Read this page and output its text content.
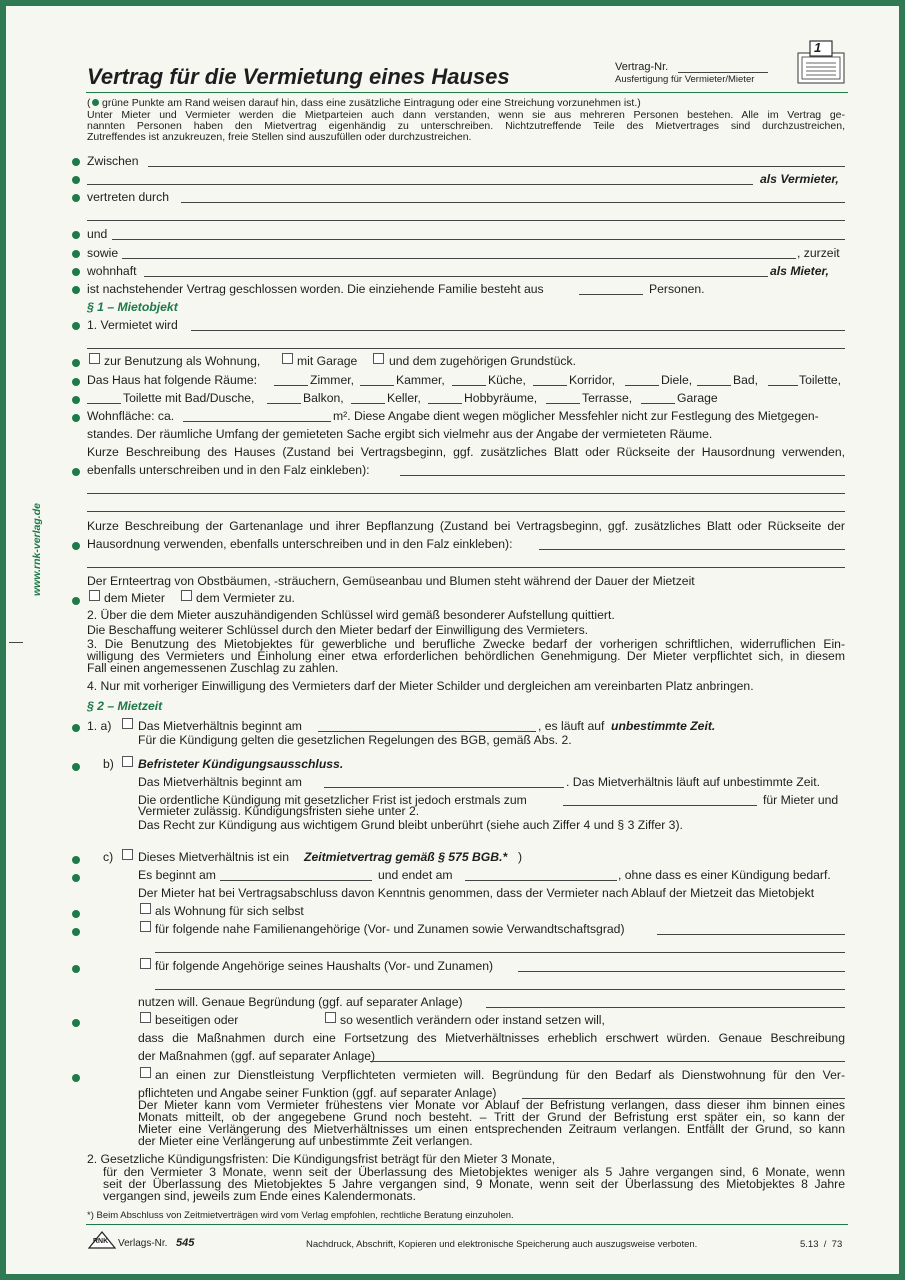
www.rnk-verlag.de
Vertrag für die Vermietung eines Hauses	Vertrag-Nr.
Ausfertigung für Vermieter/Mieter
1
( grüne Punkte am Rand weisen darauf hin, dass eine zusätzliche Eintragung oder eine Streichung vorzunehmen ist.)
Unter Mieter und Vermieter werden die Mietparteien auch dann verstanden, wenn sie aus mehreren Personen bestehen. Alle im Vertrag ge-
nannten Personen haben den Mietvertrag eigenhändig zu unterschreiben. Nichtzutreffende Teile des Mietvertrages sind durchzustreichen,
Zutreffendes ist anzukreuzen, freie Stellen sind auszufüllen oder durchzustreichen.
Zwischen
als Vermieter,
vertreten durch
und
sowie	, zurzeit
wohnhaft	als Mieter,
ist nachstehender Vertrag geschlossen worden. Die einziehende Familie besteht aus	Personen.
§ 1 – Mietobjekt
1. Vermietet wird
zur Benutzung als Wohnung,	mit Garage	und dem zugehörigen Grundstück.
Das Haus hat folgende Räume:	Zimmer,	Kammer,	Küche,	Korridor,	Diele,	Bad,	Toilette,
Toilette mit Bad/Dusche,	Balkon,	Keller,	Hobbyräume,	Terrasse,	Garage
Wohnfläche: ca.	m². Diese Angabe dient wegen möglicher Messfehler nicht zur Festlegung des Mietgegen-
standes. Der räumliche Umfang der gemieteten Sache ergibt sich vielmehr aus der Angabe der vermieteten Räume.
Kurze Beschreibung des Hauses (Zustand bei Vertragsbeginn, ggf. zusätzliches Blatt oder Rückseite der Hausordnung verwenden,
ebenfalls unterschreiben und in den Falz einkleben):
Kurze Beschreibung der Gartenanlage und ihrer Bepflanzung (Zustand bei Vertragsbeginn, ggf. zusätzliches Blatt oder Rückseite der
Hausordnung verwenden, ebenfalls unterschreiben und in den Falz einkleben):
Der Ernteertrag von Obstbäumen, -sträuchern, Gemüseanbau und Blumen steht während der Dauer der Mietzeit
dem Mieter	dem Vermieter zu.
2. Über die dem Mieter auszuhändigenden Schlüssel wird gemäß besonderer Aufstellung quittiert.
Die Beschaffung weiterer Schlüssel durch den Mieter bedarf der Einwilligung des Vermieters.
3. Die Benutzung des Mietobjektes für gewerbliche und berufliche Zwecke bedarf der vorherigen schriftlichen, widerruflichen Ein-
willigung des Vermieters und Einholung einer etwa erforderlichen behördlichen Genehmigung. Der Mieter verpflichtet sich, in diesem
Fall einen angemessenen Zuschlag zu zahlen.
4. Nur mit vorheriger Einwilligung des Vermieters darf der Mieter Schilder und dergleichen am vereinbarten Platz anbringen.
§ 2 – Mietzeit
1. a) Das Mietverhältnis beginnt am	, es läuft auf unbestimmte Zeit.
Für die Kündigung gelten die gesetzlichen Regelungen des BGB, gemäß Abs. 2.
b) Befristeter Kündigungsausschluss.
Das Mietverhältnis beginnt am	. Das Mietverhältnis läuft auf unbestimmte Zeit.
Die ordentliche Kündigung mit gesetzlicher Frist ist jedoch erstmals zum	für Mieter und
Vermieter zulässig. Kündigungsfristen siehe unter 2.
Das Recht zur Kündigung aus wichtigem Grund bleibt unberührt (siehe auch Ziffer 4 und § 3 Ziffer 3).
c) Dieses Mietverhältnis ist ein Zeitmietvertrag gemäß § 575 BGB.* )
Es beginnt am	und endet am	, ohne dass es einer Kündigung bedarf.
Der Mieter hat bei Vertragsabschluss davon Kenntnis genommen, dass der Vermieter nach Ablauf der Mietzeit das Mietobjekt
als Wohnung für sich selbst
für folgende nahe Familienangehörige (Vor- und Zunamen sowie Verwandtschaftsgrad)
für folgende Angehörige seines Haushalts (Vor- und Zunamen)
nutzen will. Genaue Begründung (ggf. auf separater Anlage)
beseitigen oder	so wesentlich verändern oder instand setzen will,
dass die Maßnahmen durch eine Fortsetzung des Mietverhältnisses erheblich erschwert würden. Genaue Beschreibung
der Maßnahmen (ggf. auf separater Anlage)
an einen zur Dienstleistung Verpflichteten vermieten will. Begründung für den Bedarf als Dienstwohnung für den Ver-
pflichteten und Angabe seiner Funktion (ggf. auf separater Anlage)
Der Mieter kann vom Vermieter frühestens vier Monate vor Ablauf der Befristung verlangen, dass dieser ihm binnen eines
Monats mitteilt, ob der angegebene Grund noch besteht. – Tritt der Grund der Befristung erst später ein, so kann der
Mieter eine Verlängerung des Mietverhältnisses um einen entsprechenden Zeitraum verlangen. Entfällt der Grund, so kann
der Mieter eine Verlängerung auf unbestimmte Zeit verlangen.
2. Gesetzliche Kündigungsfristen: Die Kündigungsfrist beträgt für den Mieter 3 Monate,
für den Vermieter 3 Monate, wenn seit der Überlassung des Mietobjektes weniger als 5 Jahre vergangen sind, 6 Monate, wenn
seit der Überlassung des Mietobjektes 5 Jahre vergangen sind, 9 Monate, wenn seit der Überlassung des Mietobjektes 8 Jahre
vergangen sind, jeweils zum Ende eines Kalendermonats.
*) Beim Abschluss von Zeitmietverträgen wird vom Verlag empfohlen, rechtliche Beratung einzuholen.
RNK Verlags-Nr. 545	Nachdruck, Abschrift, Kopieren und elektronische Speicherung auch auszugsweise verboten.	5.13  /  73
